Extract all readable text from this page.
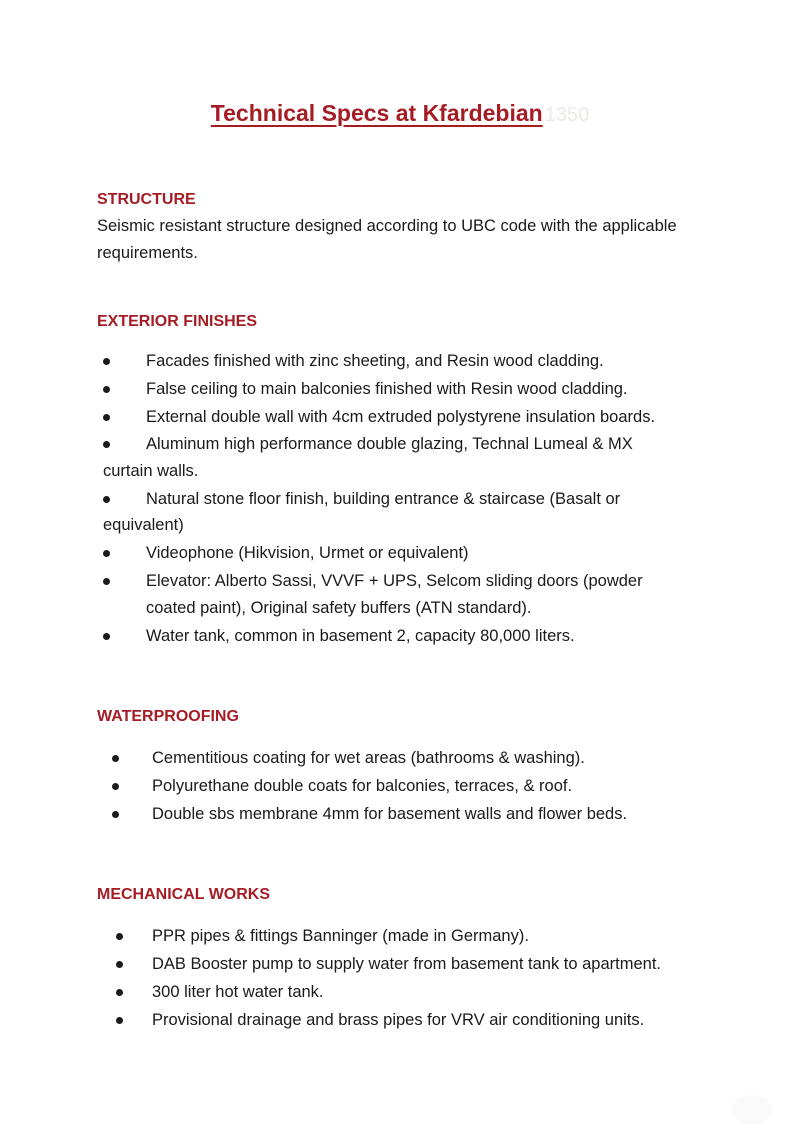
Technical Specs at Kfardebian 1350
STRUCTURE
Seismic resistant structure designed according to UBC code with the applicable requirements.
EXTERIOR FINISHES
Facades finished with zinc sheeting, and Resin wood cladding.
False ceiling to main balconies finished with Resin wood cladding.
External double wall with 4cm extruded polystyrene insulation boards.
Aluminum high performance double glazing, Technal Lumeal & MX
curtain walls.
Natural stone floor finish, building entrance & staircase (Basalt or
equivalent)
Videophone (Hikvision, Urmet or equivalent)
Elevator: Alberto Sassi, VVVF + UPS, Selcom sliding doors (powder
coated paint), Original safety buffers (ATN standard).
Water tank, common in basement 2, capacity 80,000 liters.
WATERPROOFING
Cementitious coating for wet areas (bathrooms & washing).
Polyurethane double coats for balconies, terraces, & roof.
Double sbs membrane 4mm for basement walls and flower beds.
MECHANICAL WORKS
PPR pipes & fittings Banninger (made in Germany).
DAB Booster pump to supply water from basement tank to apartment.
300 liter hot water tank.
Provisional drainage and brass pipes for VRV air conditioning units.
